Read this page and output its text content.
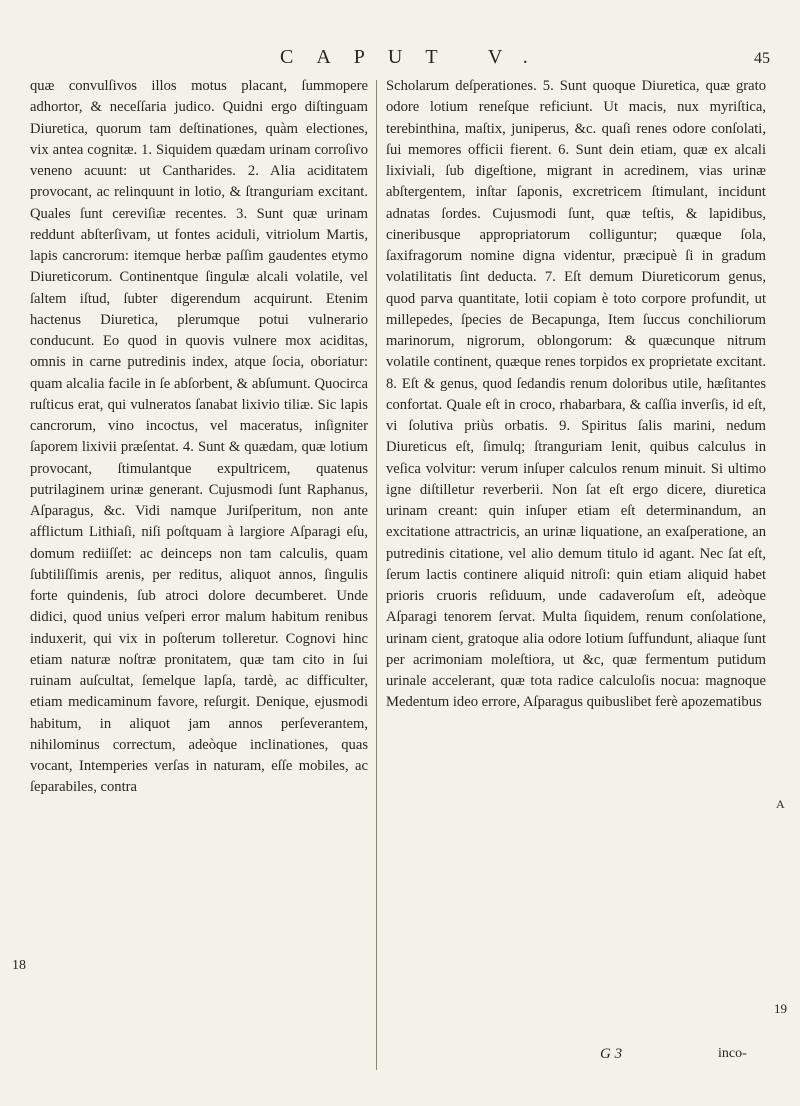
CAPUT V.	45

quæ convulſivos illos motus placant, ſummopere adhortor, & neceſſaria judico. Quidni ergo diſtinguam Diuretica, quorum tam deſtinationes, quàm electiones, vix antea cognitæ. 1. Siquidem quædam urinam corroſivo veneno acuunt: ut Cantharides. 2. Alia aciditatem provocant, ac relinquunt in lotio, & ſtranguriam excitant. Quales ſunt cereviſiæ recentes. 3. Sunt quæ urinam reddunt abſterſivam, ut fontes aciduli, vitriolum Martis, lapis cancrorum: itemque herbæ paſſim gaudentes etymo Diureticorum. Continentque ſingulæ alcali volatile, vel ſaltem iſtud, ſubter digerendum acquirunt. Etenim hactenus Diuretica, plerumque potui vulnerario conducunt. Eo quod in quovis vulnere mox aciditas, omnis in carne putredinis index, atque ſocia, oboriatur: quam alcalia facile in ſe abſorbent, & abſumunt. Quocirca ruſticus erat, qui vulneratos ſanabat lixivio tiliæ. Sic lapis cancrorum, vino incoctus, vel maceratus, inſigniter ſaporem lixivii præſentat. 4. Sunt & quædam, quæ lotium provocant, ſtimulantque expultricem, quatenus putrilaginem urinæ generant. Cujusmodi ſunt Raphanus, Aſparagus, &c. Vidi namque Juriſperitum, non ante afflictum Lithiaſi, niſi poſtquam à largiore Aſparagi eſu, domum rediiſſet: ac deinceps non tam calculis, quam ſubtiliſſimis arenis, per reditus, aliquot annos, ſingulis forte quindenis, ſub atroci dolore decumberet. Unde didici, quod unius veſperi error malum habitum renibus induxerit, qui vix in poſterum tolleretur. Cognovi hinc etiam naturæ noſtræ pronitatem, quæ tam cito in ſui ruinam auſcultat, ſemelque lapſa, tardè, ac difficulter, etiam medicaminum favore, reſurgit. Denique, ejusmodi habitum, in aliquot jam annos perſeverantem, nihilominus correctum, adeòque inclinationes, quas vocant, Intemperies verſas in naturam, eſſe mobiles, ac ſeparabiles, contra

Scholarum deſperationes. 5. Sunt quoque Diuretica, quæ grato odore lotium reneſque reficiunt. Ut macis, nux myriſtica, terebinthina, maſtix, juniperus, &c. quaſi renes odore conſolati, ſui memores officii fierent. 6. Sunt dein etiam, quæ ex alcali lixiviali, ſub digeſtione, migrant in acredinem, vias urinæ abſtergentem, inſtar ſaponis, excretricem ſtimulant, incidunt adnatas ſordes. Cujusmodi ſunt, quæ teſtis, & lapidibus, cineribusque appropriatorum colliguntur; quæque ſola, ſaxifragorum nomine digna videntur, præcipuè ſi in gradum volatilitatis ſint deducta. 7. Eſt demum Diureticorum genus, quod parva quantitate, lotii copiam è toto corpore profundit, ut millepedes, ſpecies de Becapunga, Item ſuccus conchiliorum marinorum, nigrorum, oblongorum: & quæcunque nitrum volatile continent, quæque renes torpidos ex proprietate excitant. 8. Eſt & genus, quod ſedandis renum doloribus utile, hæſitantes confortat. Quale eſt in croco, rhabarbara, & caſſia inverſis, id eſt, vi ſolutiva priùs orbatis. 9. Spiritus ſalis marini, nedum Diureticus eſt, ſimulq; ſtranguriam lenit, quibus calculus in veſica volvitur: verum inſuper calculos renum minuit. Si ultimo igne diſtilletur reverberii. Non ſat eſt ergo dicere, diuretica urinam creant: quin inſuper etiam eſt determinandum, an excitatione attractricis, an urinæ liquatione, an exaſperatione, an putredinis citatione, vel alio demum titulo id agant. Nec ſat eſt, ſerum lactis continere aliquid nitroſi: quin etiam aliquid habet prioris cruoris reſiduum, unde cadaveroſum eſt, adeòque Aſparagi tenorem ſervat. Multa ſiquidem, renum conſolatione, urinam cient, gratoque alia odore lotium ſuffundunt, aliaque ſunt per acrimoniam moleſtiora, ut &c, quæ fermentum putidum urinale accelerant, quæ tota radice calculoſis nocua: magnoque Medentum ideo errore, Aſparagus quibuslibet ferè apozematibus

18
A
19
G 3	inco-
